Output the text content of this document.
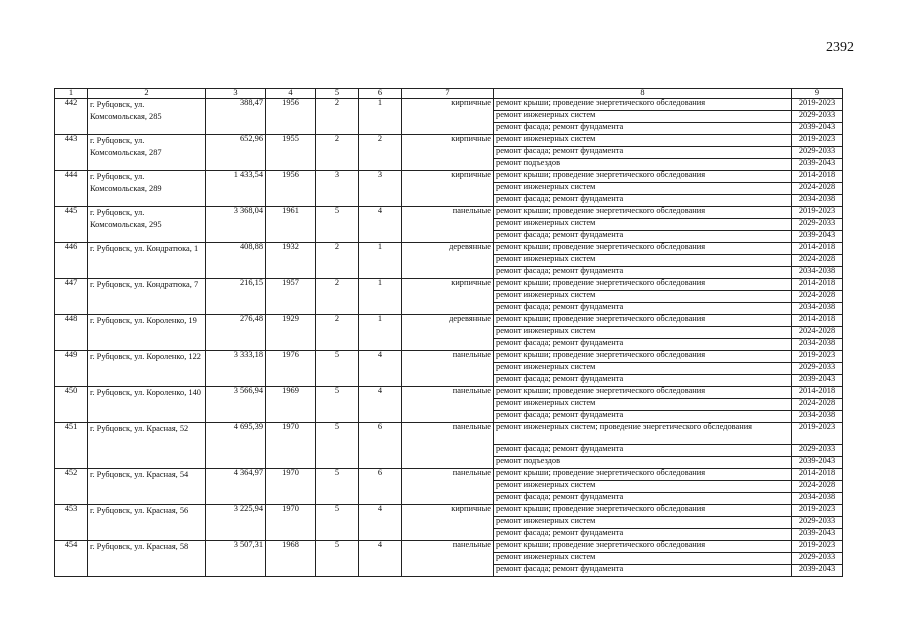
2392
1	2	3	4	5	6	7	8	9
442	г. Рубцовск, ул. Комсомольская, 285	388,47	1956	2	1	кирпичные	ремонт крыши; проведение энергетического обследования	2019-2023
							ремонт инженерных систем	2029-2033
							ремонт фасада; ремонт фундамента	2039-2043
443	г. Рубцовск, ул. Комсомольская, 287	652,96	1955	2	2	кирпичные	ремонт инженерных систем	2019-2023
							ремонт фасада; ремонт фундамента	2029-2033
							ремонт подъездов	2039-2043
444	г. Рубцовск, ул. Комсомольская, 289	1 433,54	1956	3	3	кирпичные	ремонт крыши; проведение энергетического обследования	2014-2018
							ремонт инженерных систем	2024-2028
							ремонт фасада; ремонт фундамента	2034-2038
445	г. Рубцовск, ул. Комсомольская, 295	3 368,04	1961	5	4	панельные	ремонт крыши; проведение энергетического обследования	2019-2023
							ремонт инженерных систем	2029-2033
							ремонт фасада; ремонт фундамента	2039-2043
446	г. Рубцовск, ул. Кондратюка, 1	408,88	1932	2	1	деревянные	ремонт крыши; проведение энергетического обследования	2014-2018
							ремонт инженерных систем	2024-2028
							ремонт фасада; ремонт фундамента	2034-2038
447	г. Рубцовск, ул. Кондратюка, 7	216,15	1957	2	1	кирпичные	ремонт крыши; проведение энергетического обследования	2014-2018
							ремонт инженерных систем	2024-2028
							ремонт фасада; ремонт фундамента	2034-2038
448	г. Рубцовск, ул. Короленко, 19	276,48	1929	2	1	деревянные	ремонт крыши; проведение энергетического обследования	2014-2018
							ремонт инженерных систем	2024-2028
							ремонт фасада; ремонт фундамента	2034-2038
449	г. Рубцовск, ул. Короленко, 122	3 333,18	1976	5	4	панельные	ремонт крыши; проведение энергетического обследования	2019-2023
							ремонт инженерных систем	2029-2033
							ремонт фасада; ремонт фундамента	2039-2043
450	г. Рубцовск, ул. Короленко, 140	3 566,94	1969	5	4	панельные	ремонт крыши; проведение энергетического обследования	2014-2018
							ремонт инженерных систем	2024-2028
							ремонт фасада; ремонт фундамента	2034-2038
451	г. Рубцовск, ул. Красная, 52	4 695,39	1970	5	6	панельные	ремонт инженерных систем; проведение энергетического обследования	2019-2023
							ремонт фасада; ремонт фундамента	2029-2033
							ремонт подъездов	2039-2043
452	г. Рубцовск, ул. Красная, 54	4 364,97	1970	5	6	панельные	ремонт крыши; проведение энергетического обследования	2014-2018
							ремонт инженерных систем	2024-2028
							ремонт фасада; ремонт фундамента	2034-2038
453	г. Рубцовск, ул. Красная, 56	3 225,94	1970	5	4	кирпичные	ремонт крыши; проведение энергетического обследования	2019-2023
							ремонт инженерных систем	2029-2033
							ремонт фасада; ремонт фундамента	2039-2043
454	г. Рубцовск, ул. Красная, 58	3 507,31	1968	5	4	панельные	ремонт крыши; проведение энергетического обследования	2019-2023
							ремонт инженерных систем	2029-2033
							ремонт фасада; ремонт фундамента	2039-2043
